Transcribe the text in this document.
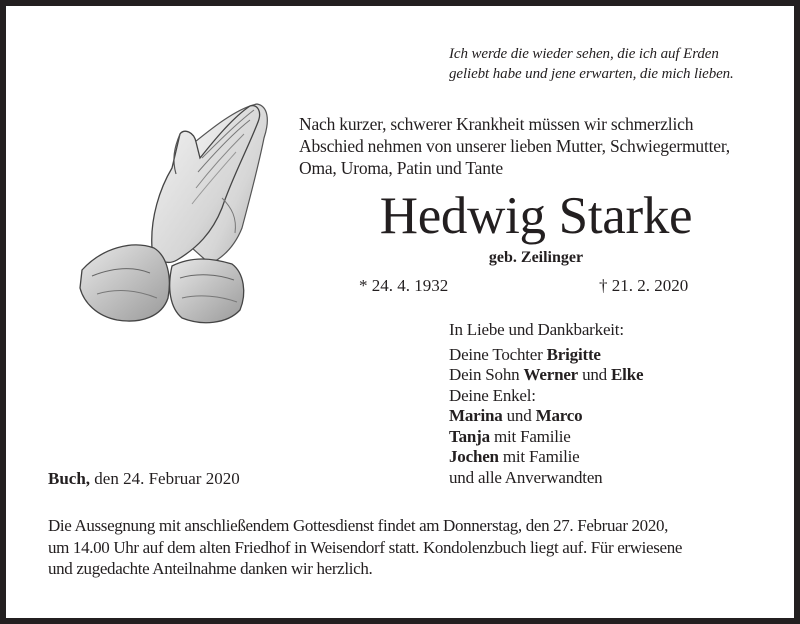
Ich werde die wieder sehen, die ich auf Erden
geliebt habe und jene erwarten, die mich lieben.
Nach kurzer, schwerer Krankheit müssen wir schmerzlich
Abschied nehmen von unserer lieben Mutter, Schwiegermutter,
Oma, Uroma, Patin und Tante
Hedwig Starke
geb. Zeilinger
* 24. 4. 1932	† 21. 2. 2020
In Liebe und Dankbarkeit:
Deine Tochter Brigitte
Dein Sohn Werner und Elke
Deine Enkel:
Marina und Marco
Tanja mit Familie
Jochen mit Familie
und alle Anverwandten
Buch, den 24. Februar 2020
Die Aussegnung mit anschließendem Gottesdienst findet am Donnerstag, den 27. Februar 2020,
um 14.00 Uhr auf dem alten Friedhof in Weisendorf statt. Kondolenzbuch liegt auf. Für erwiesene
und zugedachte Anteilnahme danken wir herzlich.
